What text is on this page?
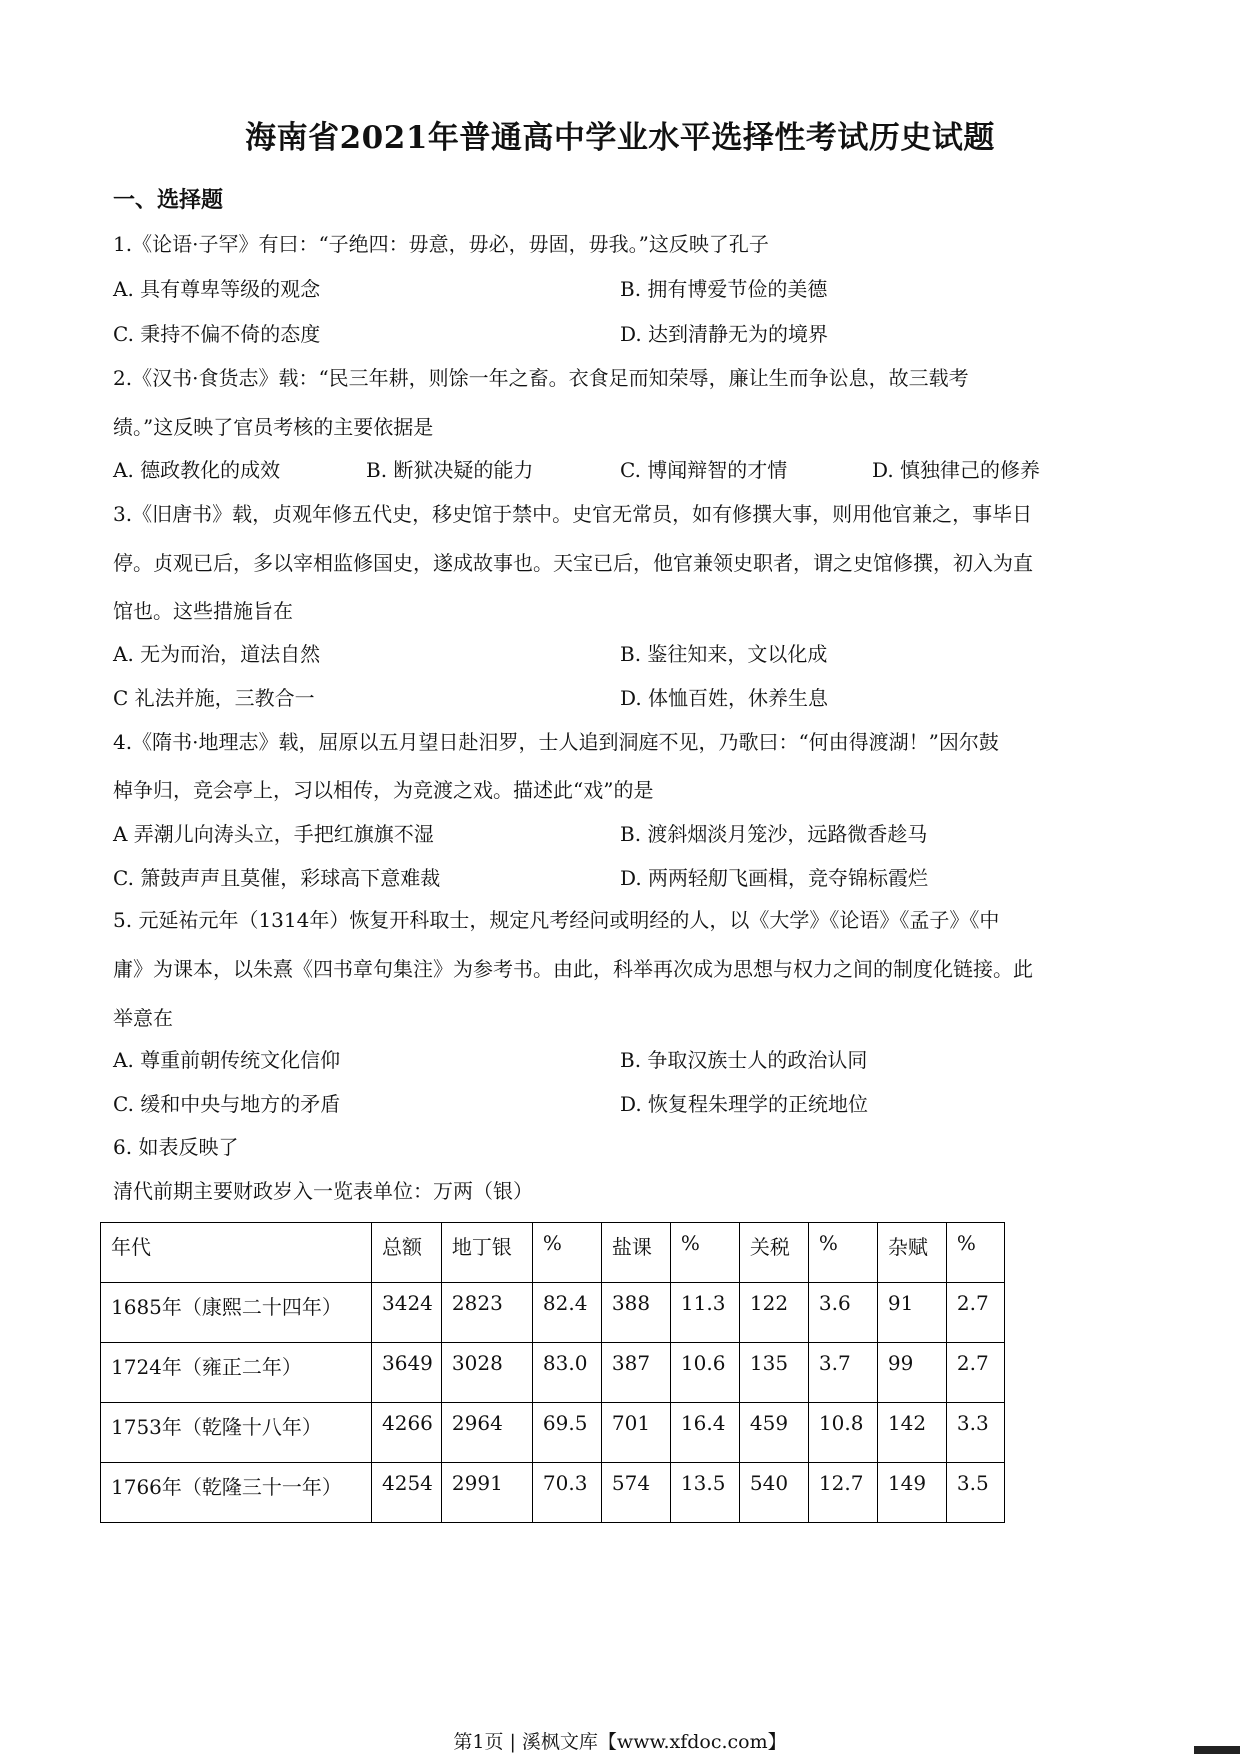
海南省2021年普通高中学业水平选择性考试历史试题
一、选择题
1.《论语·子罕》有曰：“子绝四：毋意，毋必，毋固，毋我。”这反映了孔子
A. 具有尊卑等级的观念	B. 拥有博爱节俭的美德
C. 秉持不偏不倚的态度	D. 达到清静无为的境界
2.《汉书·食货志》载：“民三年耕，则馀一年之畜。衣食足而知荣辱，廉让生而争讼息，故三载考
绩。”这反映了官员考核的主要依据是
A. 德政教化的成效	B. 断狱决疑的能力	C. 博闻辩智的才情	D. 慎独律己的修养
3.《旧唐书》载，贞观年修五代史，移史馆于禁中。史官无常员，如有修撰大事，则用他官兼之，事毕日
停。贞观已后，多以宰相监修国史，遂成故事也。天宝已后，他官兼领史职者，谓之史馆修撰，初入为直
馆也。这些措施旨在
A. 无为而治，道法自然	B. 鉴往知来，文以化成
C 礼法并施，三教合一	D. 体恤百姓，休养生息
4.《隋书·地理志》载，屈原以五月望日赴汨罗，士人追到洞庭不见，乃歌曰：“何由得渡湖！”因尔鼓
棹争归，竞会亭上，习以相传，为竞渡之戏。描述此“戏”的是
A 弄潮儿向涛头立，手把红旗旗不湿	B. 渡斜烟淡月笼沙，远路微香趁马
C. 箫鼓声声且莫催，彩球高下意难裁	D. 两两轻舠飞画楫，竞夺锦标霞烂
5. 元延祐元年（1314年）恢复开科取士，规定凡考经问或明经的人，以《大学》《论语》《孟子》《中
庸》为课本，以朱熹《四书章句集注》为参考书。由此，科举再次成为思想与权力之间的制度化链接。此
举意在
A. 尊重前朝传统文化信仰	B. 争取汉族士人的政治认同
C. 缓和中央与地方的矛盾	D. 恢复程朱理学的正统地位
6. 如表反映了
清代前期主要财政岁入一览表单位：万两（银）
年代	总额	地丁银	%	盐课	%	关税	%	杂赋	%
1685年（康熙二十四年）	3424	2823	82.4	388	11.3	122	3.6	91	2.7
1724年（雍正二年）	3649	3028	83.0	387	10.6	135	3.7	99	2.7
1753年（乾隆十八年）	4266	2964	69.5	701	16.4	459	10.8	142	3.3
1766年（乾隆三十一年）	4254	2991	70.3	574	13.5	540	12.7	149	3.5
第1页 | 溪枫文库【www.xfdoc.com】
